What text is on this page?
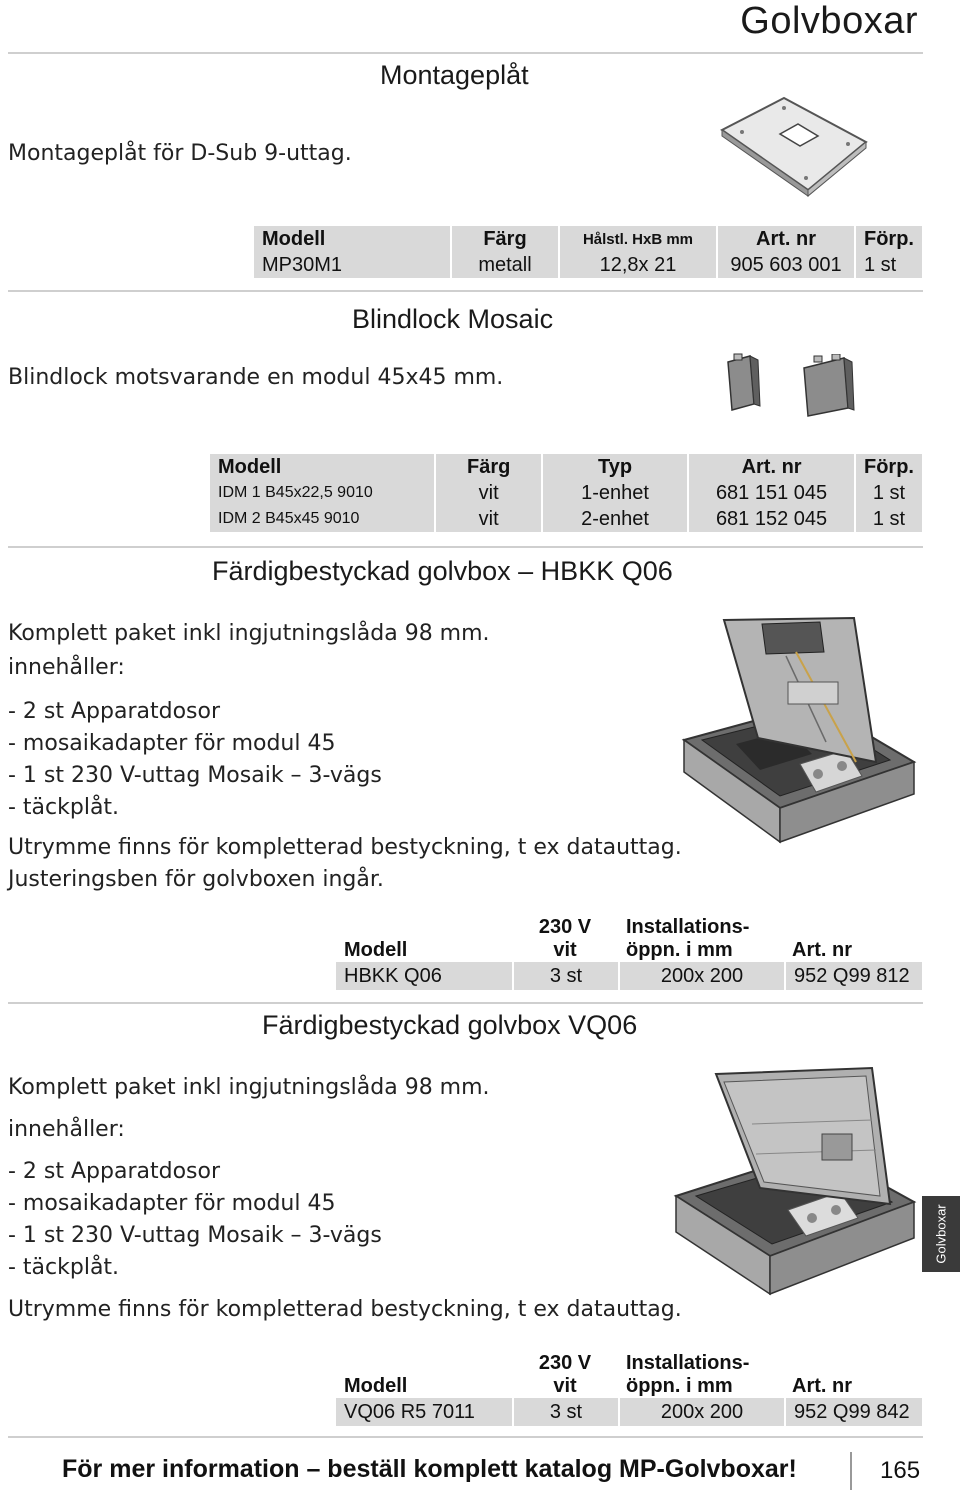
Golvboxar
Montageplåt
Montageplåt för D-Sub 9-uttag.
Modell	Färg	Hålstl. HxB mm	Art. nr	Förp.
MP30M1	metall	12,8x 21	905 603 001	1 st
Blindlock Mosaic
Blindlock motsvarande en modul 45x45 mm.
Modell	Färg	Typ	Art. nr	Förp.
IDM 1 B45x22,5 9010	vit	1-enhet	681 151 045	1 st
IDM 2 B45x45 9010	vit	2-enhet	681 152 045	1 st
Färdigbestyckad golvbox – HBKK Q06
Komplett paket inkl ingjutningslåda 98 mm.
innehåller:
- 2 st Apparatdosor
- mosaikadapter för modul 45
- 1 st 230 V-uttag Mosaik – 3-vägs
- täckplåt.
Utrymme finns för kompletterad bestyckning, t ex datauttag.
Justeringsben för golvboxen ingår.
	230 V	Installations-	
Modell	vit	öppn. i mm	Art. nr
HBKK Q06	3 st	200x 200	952 Q99 812
Färdigbestyckad golvbox VQ06
Komplett paket inkl ingjutningslåda 98 mm.
innehåller:
- 2 st Apparatdosor
- mosaikadapter för modul 45
- 1 st 230 V-uttag Mosaik – 3-vägs
- täckplåt.
Utrymme finns för kompletterad bestyckning, t ex datauttag.
	230 V	Installations-	
Modell	vit	öppn. i mm	Art. nr
VQ06 R5 7011	3 st	200x 200	952 Q99 842
Golvboxar
För mer information – beställ komplett katalog MP-Golvboxar!	165
